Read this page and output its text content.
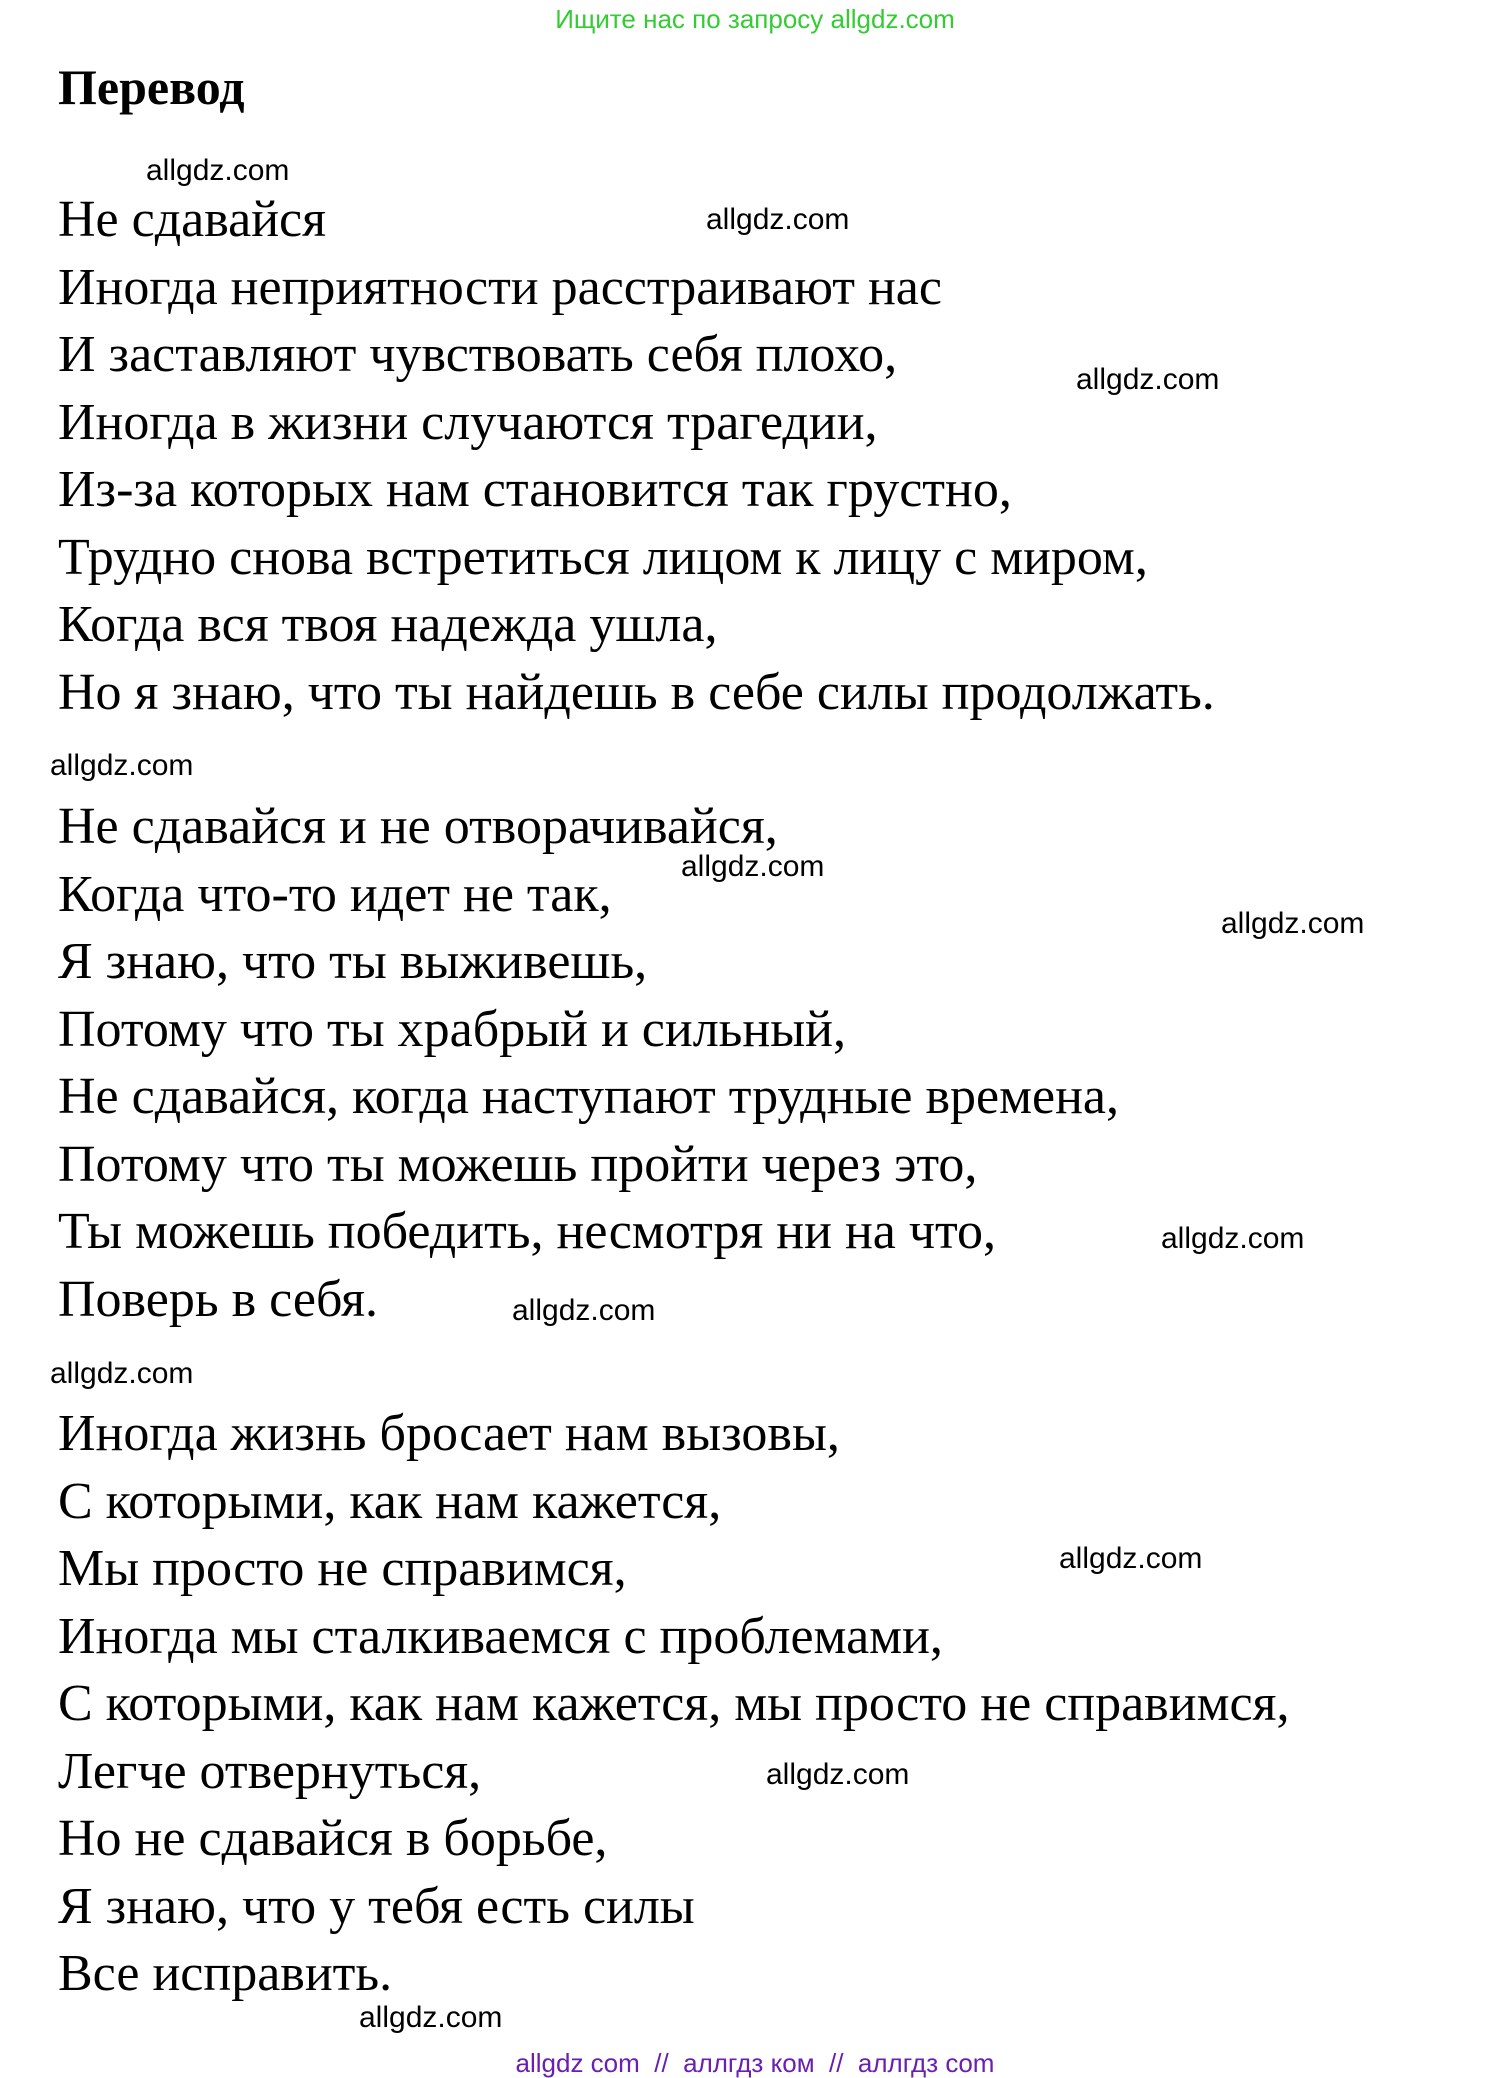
Ищите нас по запросу allgdz.com
Перевод
Не сдавайся
Иногда неприятности расстраивают нас
И заставляют чувствовать себя плохо,
Иногда в жизни случаются трагедии,
Из-за которых нам становится так грустно,
Трудно снова встретиться лицом к лицу с миром,
Когда вся твоя надежда ушла,
Но я знаю, что ты найдешь в себе силы продолжать.
Не сдавайся и не отворачивайся,
Когда что-то идет не так,
Я знаю, что ты выживешь,
Потому что ты храбрый и сильный,
Не сдавайся, когда наступают трудные времена,
Потому что ты можешь пройти через это,
Ты можешь победить, несмотря ни на что,
Поверь в себя.
Иногда жизнь бросает нам вызовы,
С которыми, как нам кажется,
Мы просто не справимся,
Иногда мы сталкиваемся с проблемами,
С которыми, как нам кажется, мы просто не справимся,
Легче отвернуться,
Но не сдавайся в борьбе,
Я знаю, что у тебя есть силы
Все исправить.
allgdz.com
allgdz.com
allgdz.com
allgdz.com
allgdz.com
allgdz.com
allgdz.com
allgdz.com
allgdz.com
allgdz.com
allgdz.com
allgdz.com
allgdz com  //  аллгдз ком  //  аллгдз com
